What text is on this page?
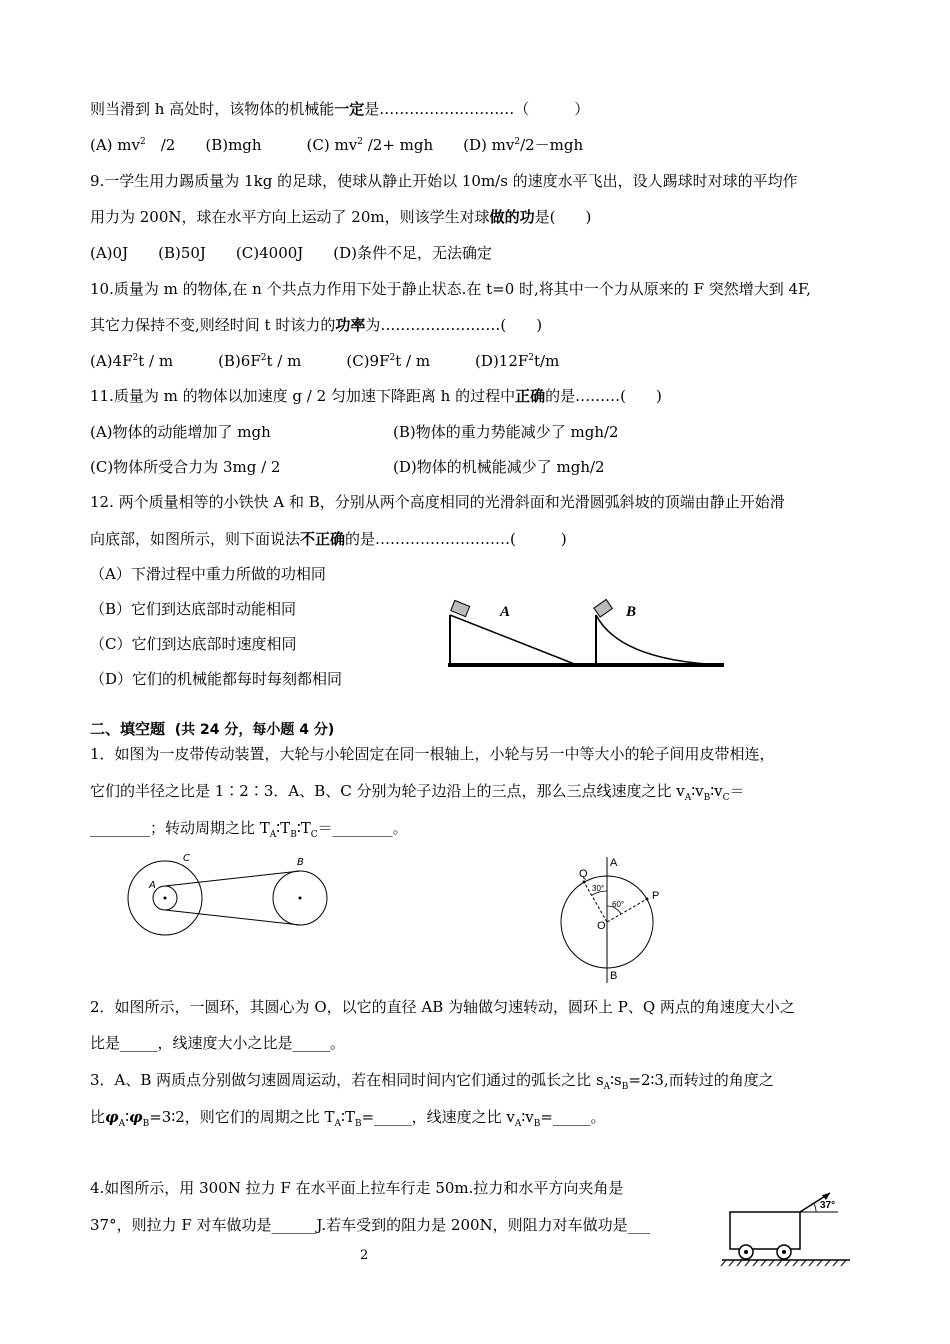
则当滑到 h 高处时，该物体的机械能一定是………………………（　　　）
(A) $mv^2$　/2　　(B)mgh　　　(C) $mv^2$ /2+ mgh　　(D) $mv^2/2-mgh$
9.一学生用力踢质量为 1kg 的足球，使球从静止开始以 10m/s 的速度水平飞出，设人踢球时对球的平均作
用力为 200N，球在水平方向上运动了 20m，则该学生对球做的功是(　　)
(A)0J　　(B)50J　　(C)4000J　　(D)条件不足，无法确定
10.质量为 m 的物体,在 n 个共点力作用下处于静止状态.在 t=0 时,将其中一个力从原来的 F 突然增大到 4F,
其它力保持不变,则经时间 t 时该力的功率为……………………(　　)
$(A)4F^2t$ / m　　　$(B)6F^2t$ / m　　　$(C)9F^2t$ / m　　　$(D)12F^2t/m$
11.质量为 m 的物体以加速度 g / 2 匀加速下降距离 h 的过程中正确的是………(　　)
(A)物体的动能增加了 mgh	(B)物体的重力势能减少了 mgh/2
(C)物体所受合力为 3mg / 2	(D)物体的机械能减少了 mgh/2
12. 两个质量相等的小铁快 A 和 B，分别从两个高度相同的光滑斜面和光滑圆弧斜坡的顶端由静止开始滑
向底部，如图所示，则下面说法不正确的是………………………(　　　)
（A）下滑过程中重力所做的功相同
（B）它们到达底部时动能相同
（C）它们到达底部时速度相同
（D）它们的机械能都每时每刻都相同
A	B
二、填空题  (共 24 分，每小题 4 分)
1．如图为一皮带传动装置，大轮与小轮固定在同一根轴上，小轮与另一中等大小的轮子间用皮带相连，
它们的半径之比是 1∶2∶3．A、B、C 分别为轮子边沿上的三点，那么三点线速度之比 $v_A∶v_B∶v_C=$
________；转动周期之比 $T_A∶T_B∶T_C=\_\_\_\_\_\_\_\_$。
A
C	B	A
B
O
P
Q
30°
60°
2．如图所示，一圆环，其圆心为 O，以它的直径 AB 为轴做匀速转动，圆环上 P、Q 两点的角速度大小之
比是_____，线速度大小之比是_____。
3．A、B 两质点分别做匀速圆周运动，若在相同时间内它们通过的弧长之比 $s_A∶s_B=2∶3$,而转过的角度之
比$\varphi_A∶\varphi_B=3∶2$，则它们的周期之比 $T_A∶T_B=\_\_\_\_\_$，线速度之比 $v_A∶v_B=\_\_\_\_\_$。
4.如图所示，用 300N 拉力 F 在水平面上拉车行走 50m.拉力和水平方向夹角是
37°，则拉力 F 对车做功是______J.若车受到的阻力是 200N，则阻力对车做功是___
37°
2
